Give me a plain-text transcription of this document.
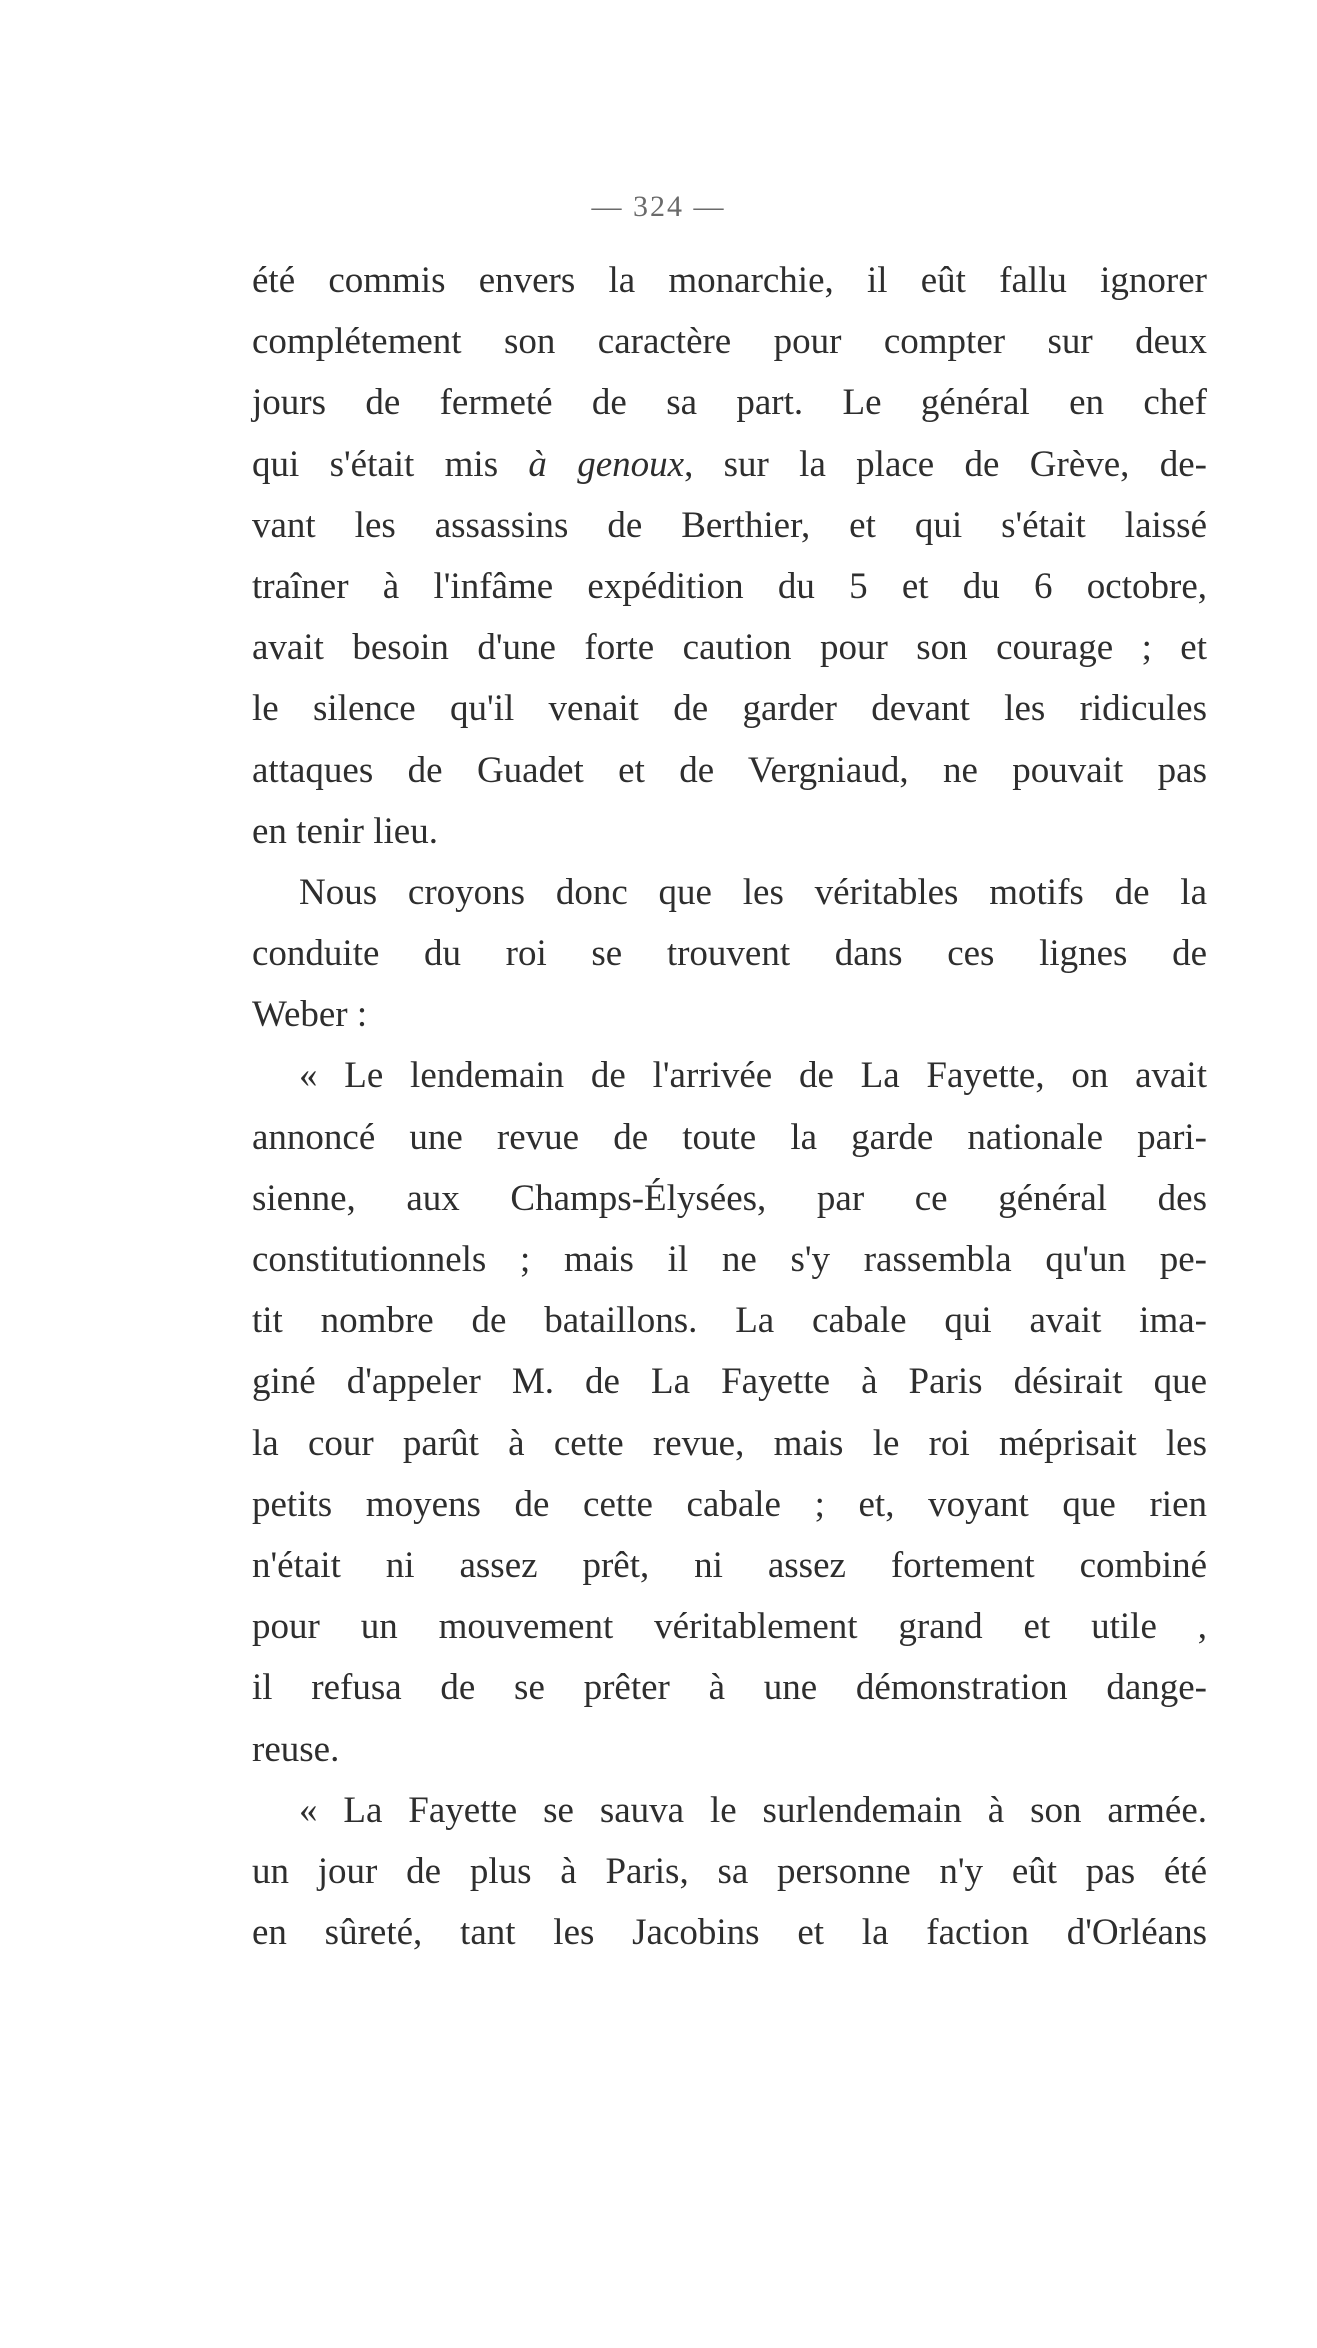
— 324 —
été commis envers la monarchie, il eût fallu ignorer
complétement son caractère pour compter sur deux
jours de fermeté de sa part. Le général en chef
qui s'était mis à genoux, sur la place de Grève, de-
vant les assassins de Berthier, et qui s'était laissé
traîner à l'infâme expédition du 5 et du 6 octobre,
avait besoin d'une forte caution pour son courage ; et
le silence qu'il venait de garder devant les ridicules
attaques de Guadet et de Vergniaud, ne pouvait pas
en tenir lieu.
Nous croyons donc que les véritables motifs de la
conduite du roi se trouvent dans ces lignes de
Weber :
« Le lendemain de l'arrivée de La Fayette, on avait
annoncé une revue de toute la garde nationale pari-
sienne, aux Champs-Élysées, par ce général des
constitutionnels ; mais il ne s'y rassembla qu'un pe-
tit nombre de bataillons. La cabale qui avait ima-
giné d'appeler M. de La Fayette à Paris désirait que
la cour parût à cette revue, mais le roi méprisait les
petits moyens de cette cabale ; et, voyant que rien
n'était ni assez prêt, ni assez fortement combiné
pour un mouvement véritablement grand et utile ,
il refusa de se prêter à une démonstration dange-
reuse.
« La Fayette se sauva le surlendemain à son armée.
un jour de plus à Paris, sa personne n'y eût pas été
en sûreté, tant les Jacobins et la faction d'Orléans
